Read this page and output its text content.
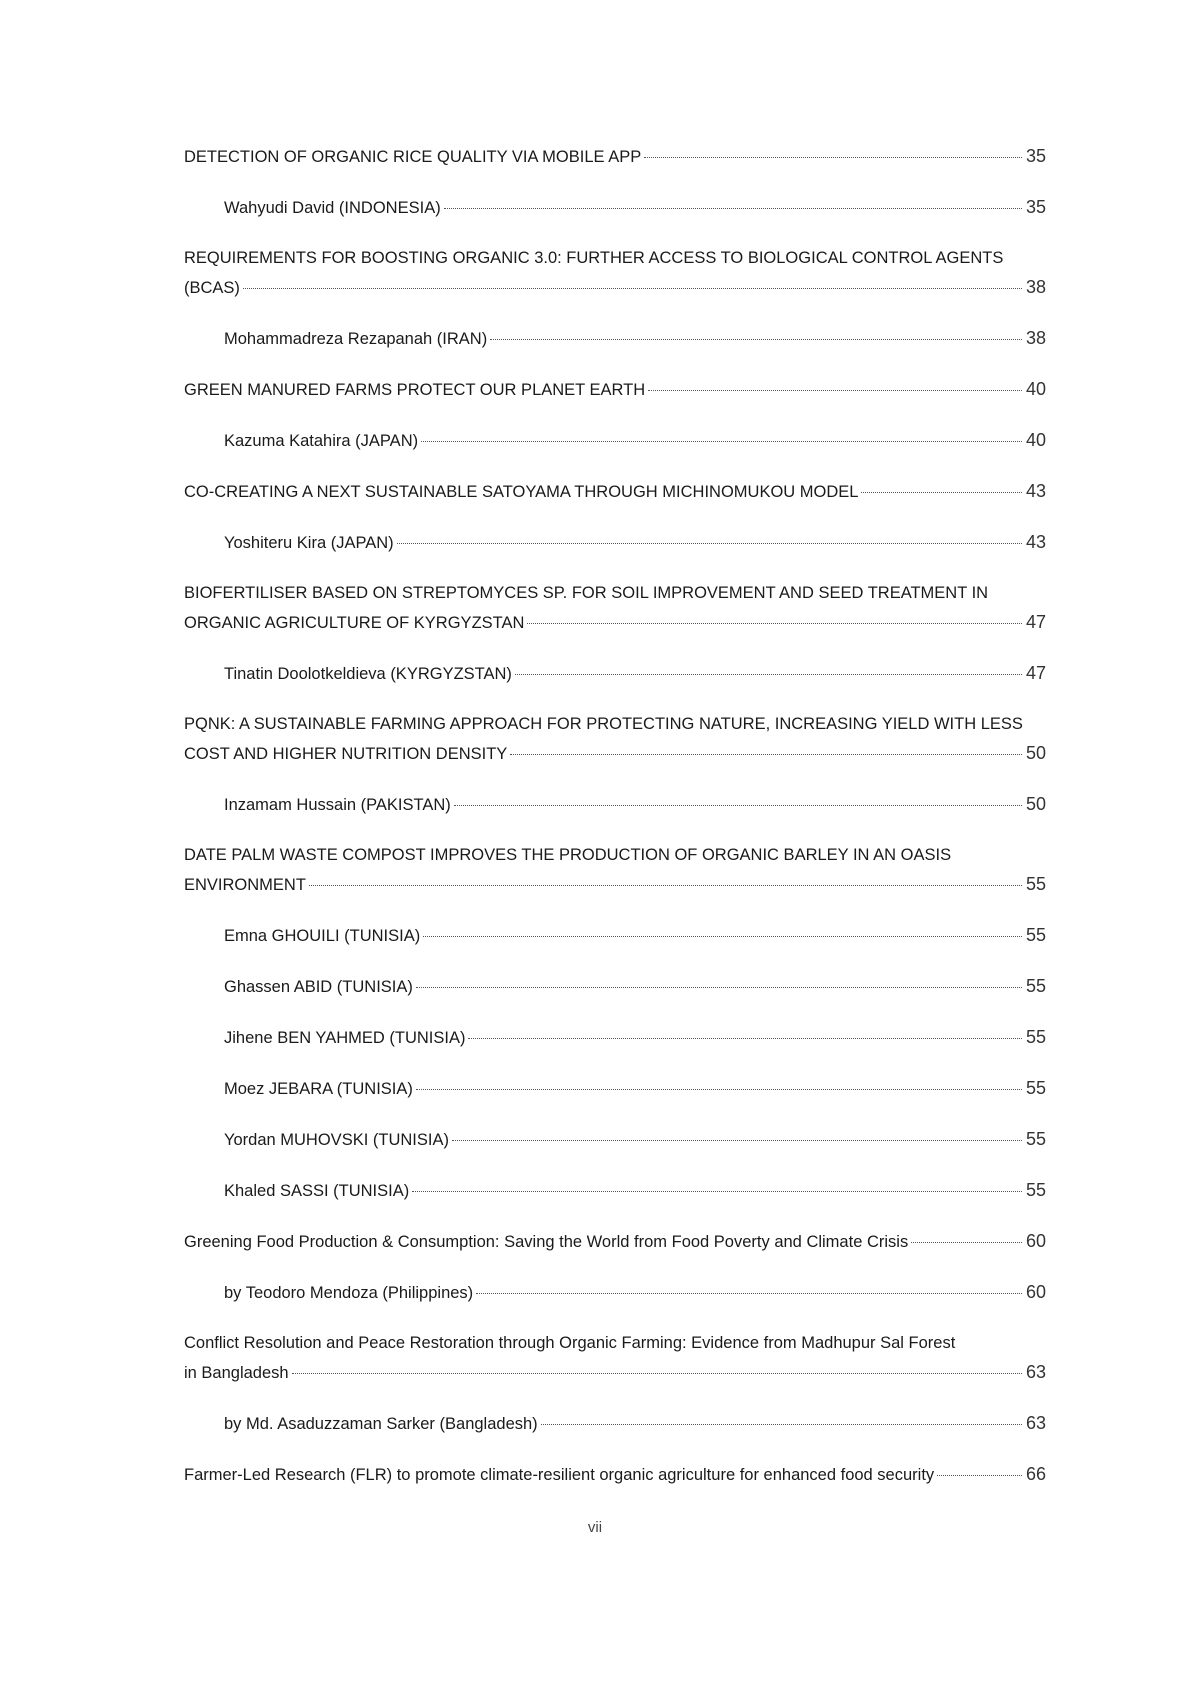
DETECTION OF ORGANIC RICE QUALITY VIA MOBILE APP	35
Wahyudi David (INDONESIA)	35
REQUIREMENTS FOR BOOSTING ORGANIC 3.0: FURTHER ACCESS TO BIOLOGICAL CONTROL AGENTS
(BCAS)	38
Mohammadreza Rezapanah (IRAN)	38
GREEN MANURED FARMS PROTECT OUR PLANET EARTH	40
Kazuma Katahira (JAPAN)	40
CO-CREATING A NEXT SUSTAINABLE SATOYAMA THROUGH MICHINOMUKOU MODEL	43
Yoshiteru Kira (JAPAN)	43
BIOFERTILISER BASED ON STREPTOMYCES SP. FOR SOIL IMPROVEMENT AND SEED TREATMENT IN
ORGANIC AGRICULTURE OF KYRGYZSTAN	47
Tinatin Doolotkeldieva (KYRGYZSTAN)	47
PQNK: A SUSTAINABLE FARMING APPROACH FOR PROTECTING NATURE, INCREASING YIELD WITH LESS
COST AND HIGHER NUTRITION DENSITY	50
Inzamam Hussain (PAKISTAN)	50
DATE PALM WASTE COMPOST IMPROVES THE PRODUCTION OF ORGANIC BARLEY IN AN OASIS
ENVIRONMENT	55
Emna GHOUILI (TUNISIA)	55
Ghassen ABID (TUNISIA)	55
Jihene BEN YAHMED (TUNISIA)	55
Moez JEBARA (TUNISIA)	55
Yordan MUHOVSKI (TUNISIA)	55
Khaled SASSI (TUNISIA)	55
Greening Food Production & Consumption: Saving the World from Food Poverty and Climate Crisis	60
by Teodoro Mendoza (Philippines)	60
Conflict Resolution and Peace Restoration through Organic Farming: Evidence from Madhupur Sal Forest
in Bangladesh	63
by Md. Asaduzzaman Sarker (Bangladesh)	63
Farmer-Led Research (FLR) to promote climate-resilient organic agriculture for enhanced food security	66
vii
